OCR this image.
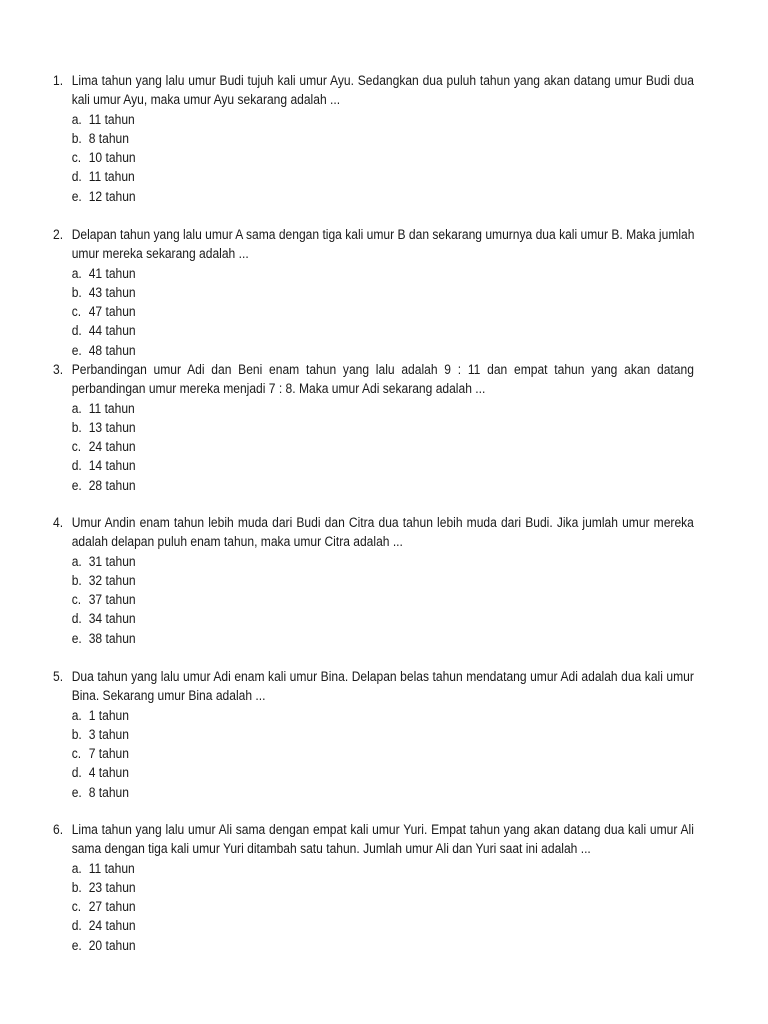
1. Lima tahun yang lalu umur Budi tujuh kali umur Ayu. Sedangkan dua puluh tahun yang akan datang umur Budi dua
kali umur Ayu, maka umur Ayu sekarang adalah ...
a. 11 tahun
b. 8 tahun
c. 10 tahun
d. 11 tahun
e. 12 tahun
2. Delapan tahun yang lalu umur A sama dengan tiga kali umur B dan sekarang umurnya dua kali umur B. Maka jumlah
umur mereka sekarang adalah ...
a. 41 tahun
b. 43 tahun
c. 47 tahun
d. 44 tahun
e. 48 tahun
3. Perbandingan umur Adi dan Beni enam tahun yang lalu adalah 9 : 11 dan empat tahun yang akan datang
perbandingan umur mereka menjadi 7 : 8. Maka umur Adi sekarang adalah ...
a. 11 tahun
b. 13 tahun
c. 24 tahun
d. 14 tahun
e. 28 tahun
4. Umur Andin enam tahun lebih muda dari Budi dan Citra dua tahun lebih muda dari Budi. Jika jumlah umur mereka
adalah delapan puluh enam tahun, maka umur Citra adalah ...
a. 31 tahun
b. 32 tahun
c. 37 tahun
d. 34 tahun
e. 38 tahun
5. Dua tahun yang lalu umur Adi enam kali umur Bina. Delapan belas tahun mendatang umur Adi adalah dua kali umur
Bina. Sekarang umur Bina adalah ...
a. 1 tahun
b. 3 tahun
c. 7 tahun
d. 4 tahun
e. 8 tahun
6. Lima tahun yang lalu umur Ali sama dengan empat kali umur Yuri. Empat tahun yang akan datang dua kali umur Ali
sama dengan tiga kali umur Yuri ditambah satu tahun. Jumlah umur Ali dan Yuri saat ini adalah ...
a. 11 tahun
b. 23 tahun
c. 27 tahun
d. 24 tahun
e. 20 tahun
